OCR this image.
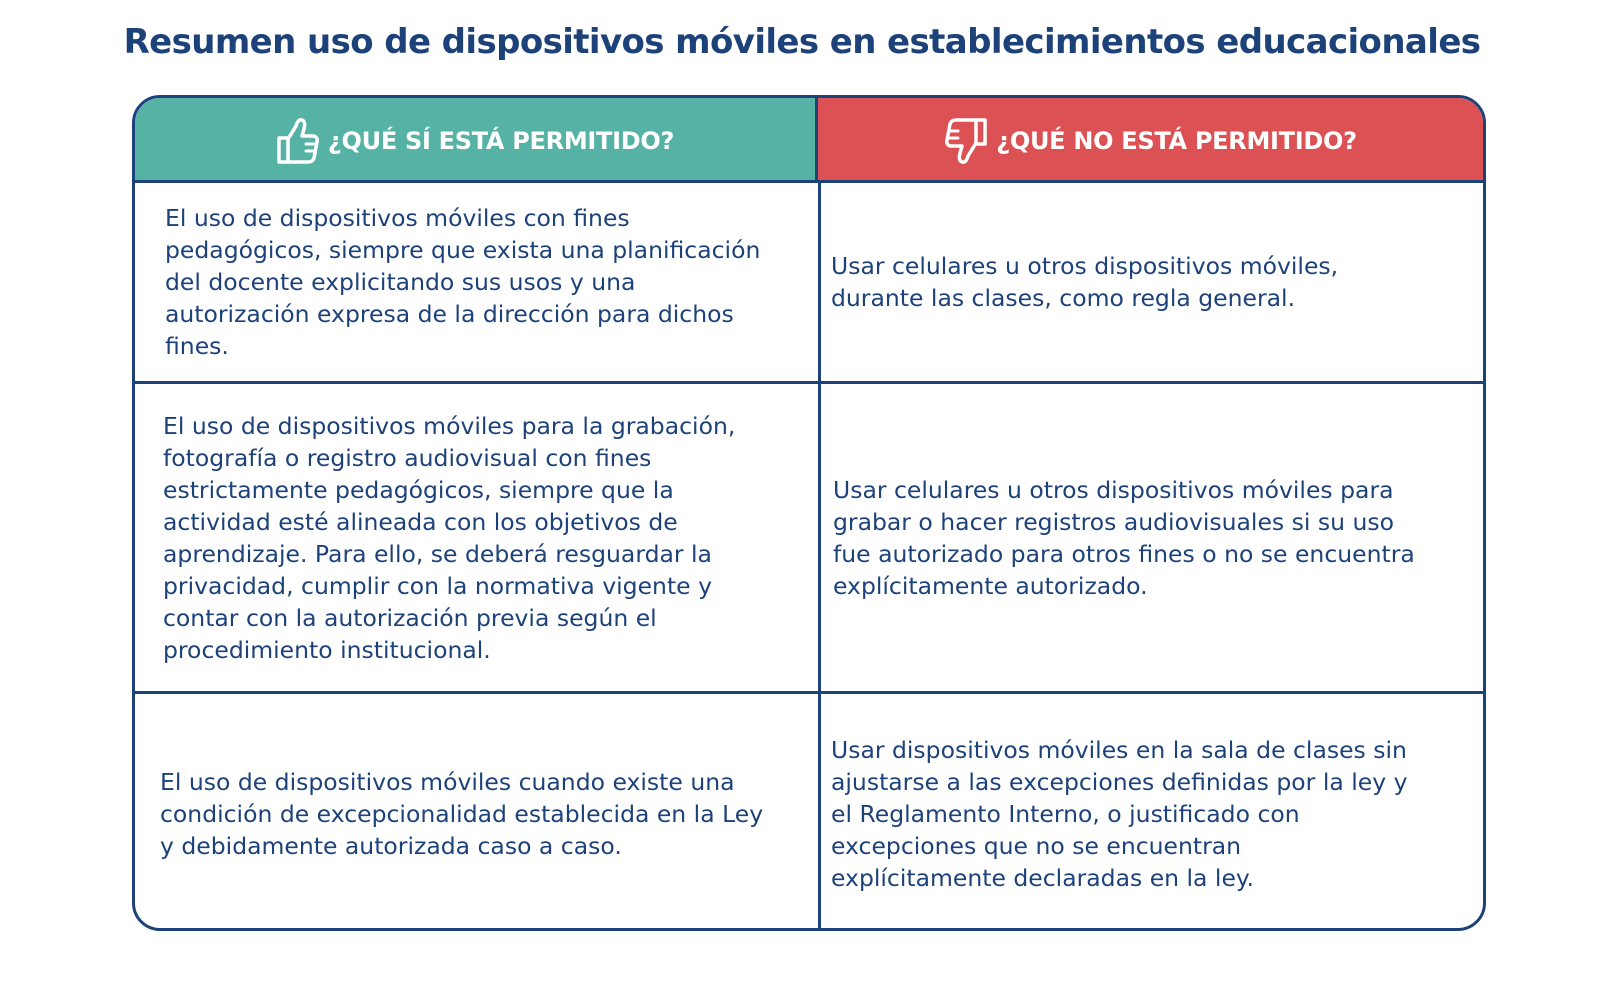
Resumen uso de dispositivos móviles en establecimientos educacionales
¿QUÉ SÍ ESTÁ PERMITIDO?	¿QUÉ NO ESTÁ PERMITIDO?
El uso de dispositivos móviles con fines pedagógicos, siempre que exista una planificación del docente explicitando sus usos y una autorización expresa de la dirección para dichos fines.
Usar celulares u otros dispositivos móviles, durante las clases, como regla general.
El uso de dispositivos móviles para la grabación, fotografía o registro audiovisual con fines estrictamente pedagógicos, siempre que la actividad esté alineada con los objetivos de aprendizaje. Para ello, se deberá resguardar la privacidad, cumplir con la normativa vigente y contar con la autorización previa según el procedimiento institucional.
Usar celulares u otros dispositivos móviles para grabar o hacer registros audiovisuales si su uso fue autorizado para otros fines o no se encuentra explícitamente autorizado.
El uso de dispositivos móviles cuando existe una condición de excepcionalidad establecida en la Ley y debidamente autorizada caso a caso.
Usar dispositivos móviles en la sala de clases sin ajustarse a las excepciones definidas por la ley y el Reglamento Interno, o justificado con excepciones que no se encuentran explícitamente declaradas en la ley.
